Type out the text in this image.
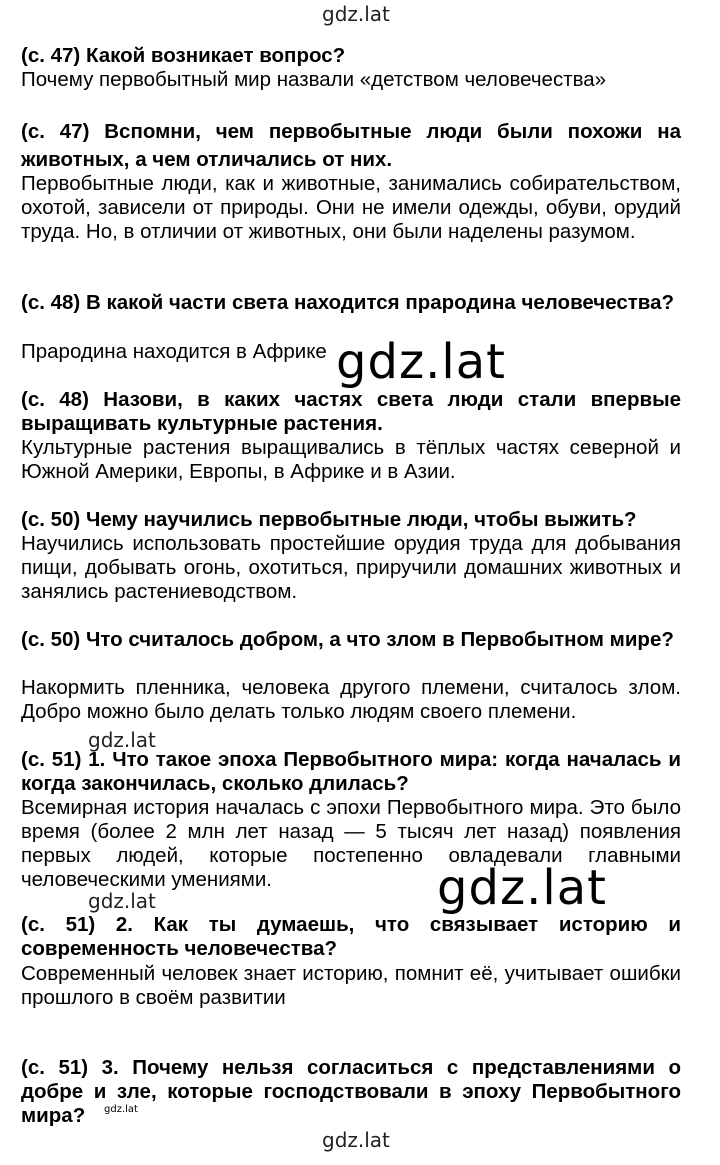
gdz.lat

(с. 47) Какой возникает вопрос?

Почему первобытный мир назвали «детством человечества»

(с. 47) Вспомни, чем первобытные люди были похожи на животных, а чем отличались от них.

Первобытные люди, как и животные, занимались собирательством, охотой, зависели от природы. Они не имели одежды, обуви, орудий труда. Но, в отличии от животных, они были наделены разумом.

(с. 48) В какой части света находится прародина человечества?

Прародина находится в Африке gdz.lat

(с. 48) Назови, в каких частях света люди стали впервые выращивать культурные растения.

Культурные растения выращивались в тёплых частях северной и Южной Америки, Европы, в Африке и в Азии.

(с. 50) Чему научились первобытные люди, чтобы выжить?

Научились использовать простейшие орудия труда для добывания пищи, добывать огонь, охотиться, приручили домашних животных и занялись растениеводством.

(с. 50) Что считалось добром, а что злом в Первобытном мире?

Накормить пленника, человека другого племени, считалось злом. Добро можно было делать только людям своего племени.

gdz.lat

(с. 51) 1. Что такое эпоха Первобытного мира: когда началась и когда закончилась, сколько длилась?

Всемирная история началась с эпохи Первобытного мира. Это было время (более 2 млн лет назад — 5 тысяч лет назад) появления первых людей, которые постепенно овладевали главными человеческими умениями.	gdz.lat
gdz.lat

(с. 51) 2. Как ты думаешь, что связывает историю и современность человечества?

Современный человек знает историю, помнит её, учитывает ошибки прошлого в своём развитии

(с. 51) 3. Почему нельзя согласиться с представлениями о добре и зле, которые господствовали в эпоху Первобытного мира?	gdz.lat
gdz.lat
